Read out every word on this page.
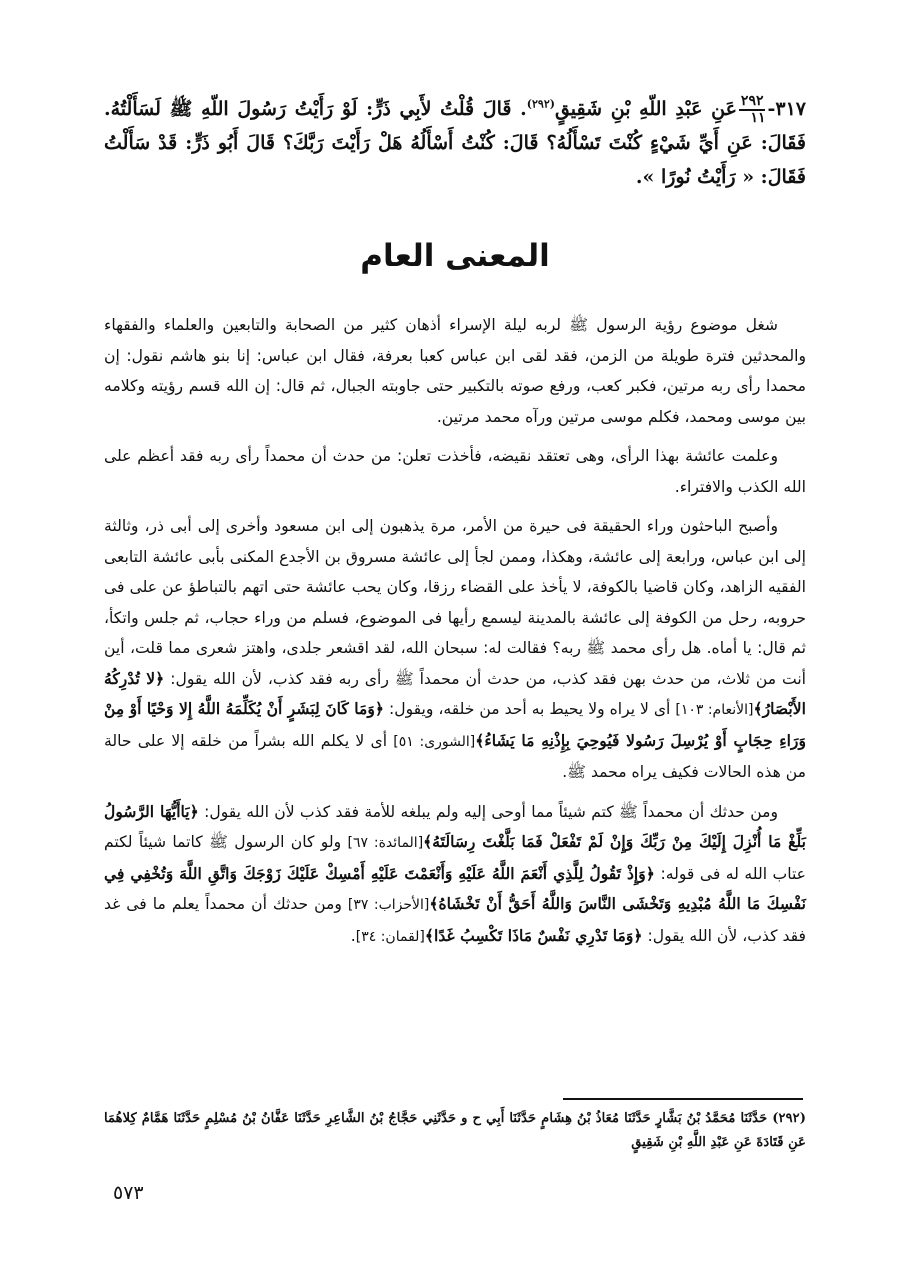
٣١٧-
$\frac{٢٩٢}{١١}$
عَنِ عَبْدِ اللّهِ بْنِ شَقِيقٍ$^{(٢٩٢)}$. قَالَ قُلْتُ لأَبِي ذَرٍّ: لَوْ رَأَيْتُ رَسُولَ اللّهِ ﷺ لَسَأَلْتُهُ. فَقَالَ: عَنِ أَيِّ شَيْءٍ كُنْتَ تَسْأَلُهُ؟ قَالَ: كُنْتُ أَسْأَلُهُ هَلْ رَأَيْتَ رَبَّكَ؟ قَالَ أَبُو ذَرٍّ: قَدْ سَأَلْتُ فَقَالَ: « رَأَيْتُ نُورًا ».

المعنى العام

شغل موضوع رؤية الرسول ﷺ لربه ليلة الإسراء أذهان كثير من الصحابة والتابعين والعلماء والفقهاء والمحدثين فترة طويلة من الزمن، فقد لقى ابن عباس كعبا بعرفة، فقال ابن عباس: إنا بنو هاشم نقول: إن محمدا رأى ربه مرتين، فكبر كعب، ورفع صوته بالتكبير حتى جاوبته الجبال، ثم قال: إن الله قسم رؤيته وكلامه بين موسى ومحمد، فكلم موسى مرتين ورآه محمد مرتين.

وعلمت عائشة بهذا الرأى، وهى تعتقد نقيضه، فأخذت تعلن: من حدث أن محمداً رأى ربه فقد أعظم على الله الكذب والافتراء.

وأصبح الباحثون وراء الحقيقة فى حيرة من الأمر، مرة يذهبون إلى ابن مسعود وأخرى إلى أبى ذر، وثالثة إلى ابن عباس، ورابعة إلى عائشة، وهكذا، وممن لجأ إلى عائشة مسروق بن الأجدع المكنى بأبى عائشة التابعى الفقيه الزاهد، وكان قاضيا بالكوفة، لا يأخذ على القضاء رزقا، وكان يحب عائشة حتى اتهم بالتباطؤ عن على فى حروبه، رحل من الكوفة إلى عائشة بالمدينة ليسمع رأيها فى الموضوع، فسلم من وراء حجاب، ثم جلس واتكأ، ثم قال: يا أماه. هل رأى محمد ﷺ ربه؟ فقالت له: سبحان الله، لقد اقشعر جلدى، واهتز شعرى مما قلت، أين أنت من ثلاث، من حدث بهن فقد كذب، من حدث أن محمداً ﷺ رأى ربه فقد كذب، لأن الله يقول: ﴿لا تُدْرِكُهُ الأَبْصَارُ﴾[الأنعام: ١٠٣] أى لا يراه ولا يحيط به أحد من خلقه، ويقول: ﴿وَمَا كَانَ لِبَشَرٍ أَنْ يُكَلِّمَهُ اللَّهُ إِلا وَحْيًا أَوْ مِنْ وَرَاءِ حِجَابٍ أَوْ يُرْسِلَ رَسُولا فَيُوحِيَ بِإِذْنِهِ مَا يَشَاءُ﴾[الشورى: ٥١] أى لا يكلم الله بشراً من خلقه إلا على حالة من هذه الحالات فكيف يراه محمد ﷺ.

ومن حدثك أن محمداً ﷺ كتم شيئاً مما أوحى إليه ولم يبلغه للأمة فقد كذب لأن الله يقول: ﴿يَاأَيُّهَا الرَّسُولُ بَلِّغْ مَا أُنْزِلَ إِلَيْكَ مِنْ رَبِّكَ وَإِنْ لَمْ تَفْعَلْ فَمَا بَلَّغْتَ رِسَالَتَهُ﴾[المائدة: ٦٧] ولو كان الرسول ﷺ كاتما شيئاً لكتم عتاب الله له فى قوله: ﴿وَإِذْ تَقُولُ لِلَّذِي أَنْعَمَ اللَّهُ عَلَيْهِ وَأَنْعَمْتَ عَلَيْهِ أَمْسِكْ عَلَيْكَ زَوْجَكَ وَاتَّقِ اللَّهَ وَتُخْفِي فِي نَفْسِكَ مَا اللَّهُ مُبْدِيهِ وَتَخْشَى النَّاسَ وَاللَّهُ أَحَقُّ أَنْ تَخْشَاهُ﴾[الأحزاب: ٣٧] ومن حدثك أن محمداً يعلم ما فى غد فقد كذب، لأن الله يقول: ﴿وَمَا تَدْرِي نَفْسٌ مَاذَا تَكْسِبُ غَدًا﴾[لقمان: ٣٤].

(٢٩٢) حَدَّثَنَا مُحَمَّدُ بْنُ بَشَّارٍ حَدَّثَنَا مُعَاذُ بْنُ هِشَامٍ حَدَّثَنَا أَبِي ح و حَدَّثَنِي حَجَّاجُ بْنُ الشَّاعِرِ حَدَّثَنَا عَفَّانُ بْنُ مُسْلِمٍ حَدَّثَنَا هَمَّامٌ كِلاهُمَا عَنِ قَتَادَةَ عَنِ عَبْدِ اللَّهِ بْنِ شَقِيقٍ
٥٧٣
